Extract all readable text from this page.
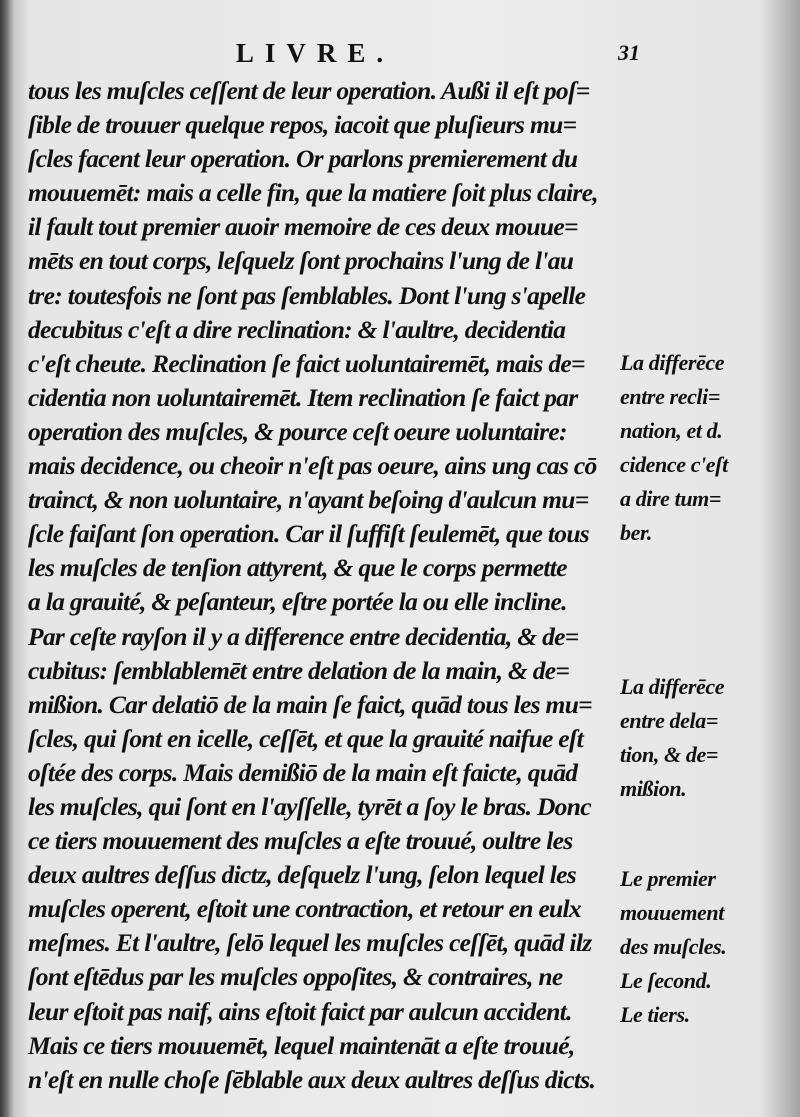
LIVRE.	31
tous les muſcles ceſſent de leur operation. Außi il eſt poſ=
ſible de trouuer quelque repos, iacoit que pluſieurs mu=
ſcles facent leur operation. Or parlons premierement du
mouuemēt: mais a celle fin, que la matiere ſoit plus claire,
il fault tout premier auoir memoire de ces deux mouue=
mēts en tout corps, leſquelz ſont prochains l'ung de l'au
tre: toutesfois ne ſont pas ſemblables. Dont l'ung s'apelle
decubitus c'eſt a dire reclination: & l'aultre, decidentia
c'eſt cheute. Reclination ſe faict uoluntairemēt, mais de=
cidentia non uoluntairemēt. Item reclination ſe faict par
operation des muſcles, & pource ceſt oeure uoluntaire:
mais decidence, ou cheoir n'eſt pas oeure, ains ung cas cō
trainct, & non uoluntaire, n'ayant beſoing d'aulcun mu=
ſcle faiſant ſon operation. Car il ſuffiſt ſeulemēt, que tous
les muſcles de tenſion attyrent, & que le corps permette
a la grauité, & peſanteur, eſtre portée la ou elle incline.
Par ceſte rayſon il y a difference entre decidentia, & de=
cubitus: ſemblablemēt entre delation de la main, & de=
mißion. Car delatiō de la main ſe faict, quād tous les mu=
ſcles, qui ſont en icelle, ceſſēt, et que la grauité naifue eſt
oſtée des corps. Mais demißiō de la main eſt faicte, quād
les muſcles, qui ſont en l'ayſſelle, tyrēt a ſoy le bras. Donc
ce tiers mouuement des muſcles a eſte trouué, oultre les
deux aultres deſſus dictz, deſquelz l'ung, ſelon lequel les
muſcles operent, eſtoit une contraction, et retour en eulx
meſmes. Et l'aultre, ſelō lequel les muſcles ceſſēt, quād ilz
ſont eſtēdus par les muſcles oppoſites, & contraires, ne
leur eſtoit pas naif, ains eſtoit faict par aulcun accident.
Mais ce tiers mouuemēt, lequel maintenāt a eſte trouué,
n'eſt en nulle choſe ſēblable aux deux aultres deſſus dicts.
La differēce
entre recli=
nation, et d.
cidence c'eſt
a dire tum=
ber.
La differēce
entre dela=
tion, & de=
mißion.
Le premier
mouuement
des muſcles.
Le ſecond.
Le tiers.
